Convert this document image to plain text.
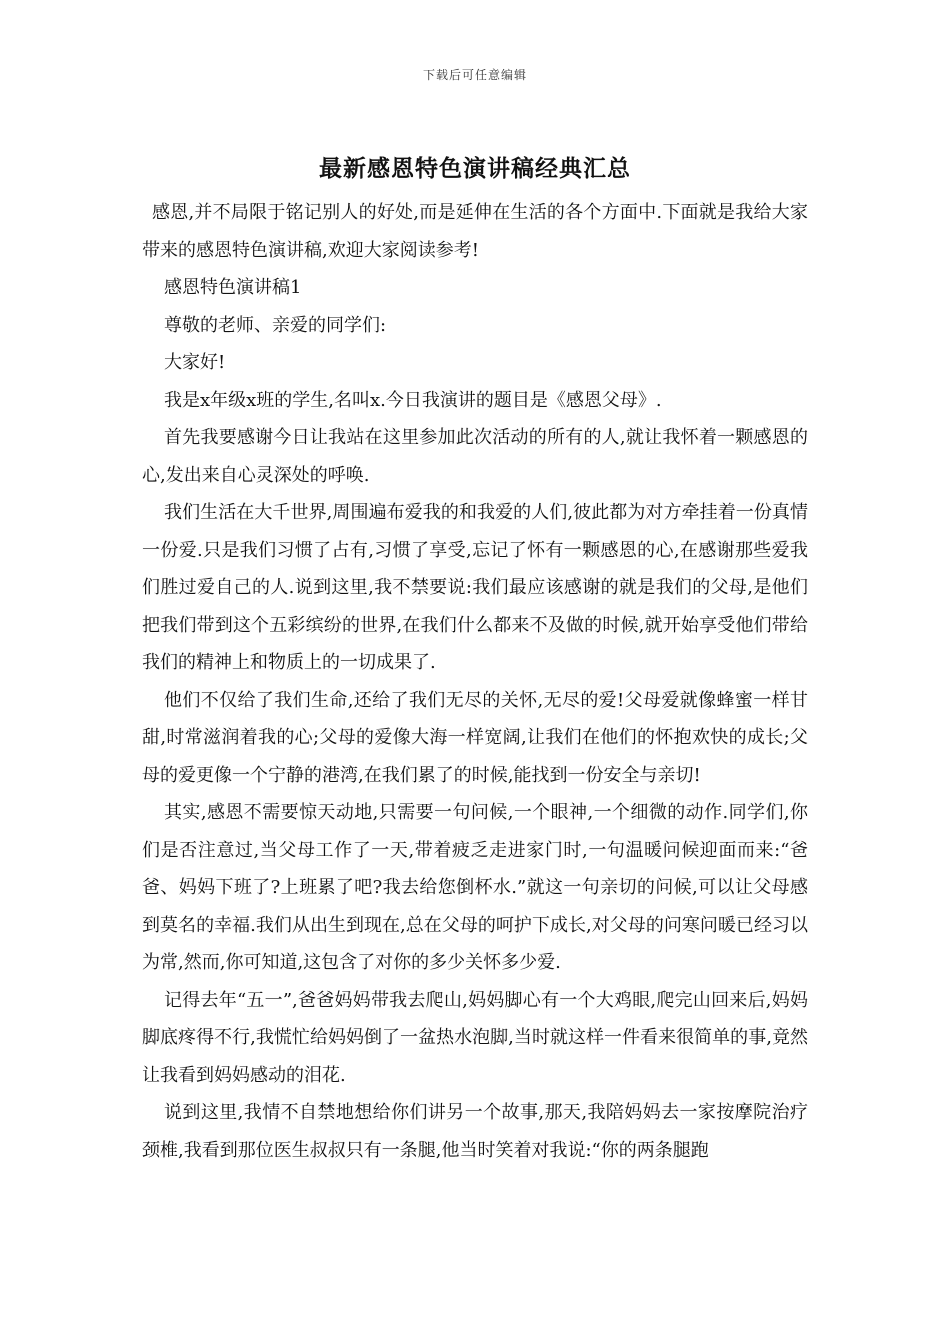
下载后可任意编辑
最新感恩特色演讲稿经典汇总

感恩,并不局限于铭记别人的好处,而是延伸在生活的各个方面中.下面就是我给大家带来的感恩特色演讲稿,欢迎大家阅读参考!

感恩特色演讲稿1

尊敬的老师、亲爱的同学们:

大家好!

我是x年级x班的学生,名叫x.今日我演讲的题目是《感恩父母》.

首先我要感谢今日让我站在这里参加此次活动的所有的人,就让我怀着一颗感恩的心,发出来自心灵深处的呼唤.

我们生活在大千世界,周围遍布爱我的和我爱的人们,彼此都为对方牵挂着一份真情一份爱.只是我们习惯了占有,习惯了享受,忘记了怀有一颗感恩的心,在感谢那些爱我们胜过爱自己的人.说到这里,我不禁要说:我们最应该感谢的就是我们的父母,是他们把我们带到这个五彩缤纷的世界,在我们什么都来不及做的时候,就开始享受他们带给我们的精神上和物质上的一切成果了.

他们不仅给了我们生命,还给了我们无尽的关怀,无尽的爱!父母爱就像蜂蜜一样甘甜,时常滋润着我的心;父母的爱像大海一样宽阔,让我们在他们的怀抱欢快的成长;父母的爱更像一个宁静的港湾,在我们累了的时候,能找到一份安全与亲切!

其实,感恩不需要惊天动地,只需要一句问候,一个眼神,一个细微的动作.同学们,你们是否注意过,当父母工作了一天,带着疲乏走进家门时,一句温暖问候迎面而来:“爸爸、妈妈下班了?上班累了吧?我去给您倒杯水.”就这一句亲切的问候,可以让父母感到莫名的幸福.我们从出生到现在,总在父母的呵护下成长,对父母的问寒问暖已经习以为常,然而,你可知道,这包含了对你的多少关怀多少爱.

记得去年“五一”,爸爸妈妈带我去爬山,妈妈脚心有一个大鸡眼,爬完山回来后,妈妈脚底疼得不行,我慌忙给妈妈倒了一盆热水泡脚,当时就这样一件看来很简单的事,竟然让我看到妈妈感动的泪花.

说到这里,我情不自禁地想给你们讲另一个故事,那天,我陪妈妈去一家按摩院治疗颈椎,我看到那位医生叔叔只有一条腿,他当时笑着对我说:“你的两条腿跑
